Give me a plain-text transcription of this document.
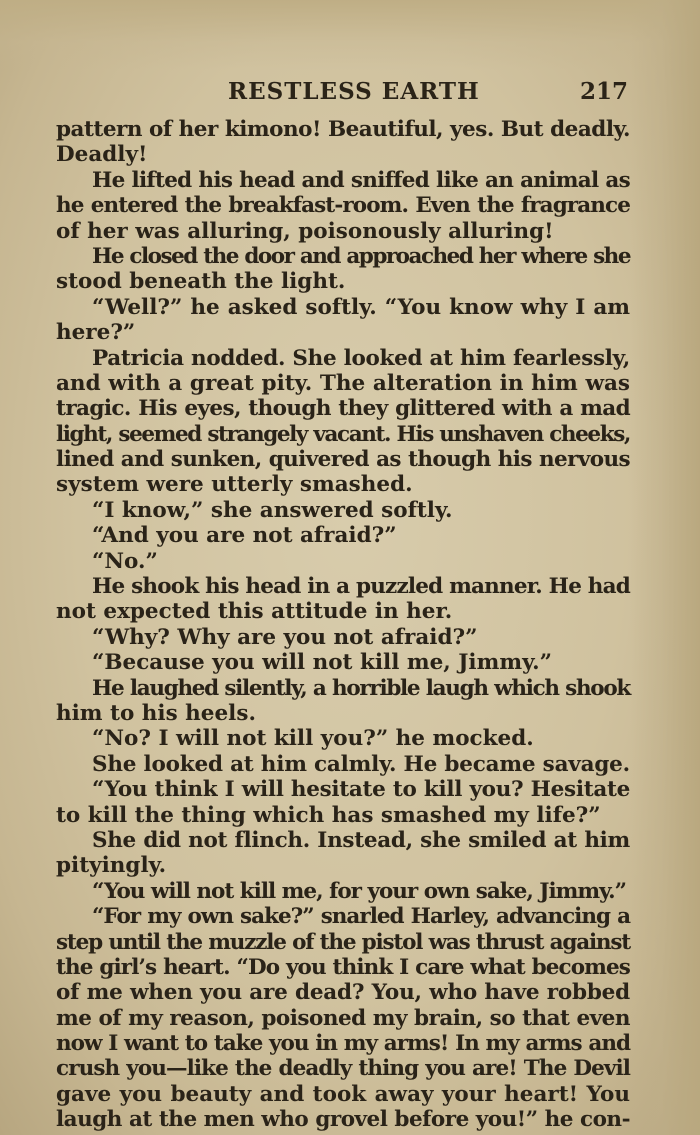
RESTLESS EARTH	217
pattern of her kimono! Beautiful, yes. But deadly.
Deadly!
He lifted his head and sniffed like an animal as
he entered the breakfast-room. Even the fragrance
of her was alluring, poisonously alluring!
He closed the door and approached her where she
stood beneath the light.
“Well?” he asked softly. “You know why I am
here?”
Patricia nodded. She looked at him fearlessly,
and with a great pity. The alteration in him was
tragic. His eyes, though they glittered with a mad
light, seemed strangely vacant. His unshaven cheeks,
lined and sunken, quivered as though his nervous
system were utterly smashed.
“I know,” she answered softly.
“And you are not afraid?”
“No.”
He shook his head in a puzzled manner. He had
not expected this attitude in her.
“Why? Why are you not afraid?”
“Because you will not kill me, Jimmy.”
He laughed silently, a horrible laugh which shook
him to his heels.
“No? I will not kill you?” he mocked.
She looked at him calmly. He became savage.
“You think I will hesitate to kill you? Hesitate
to kill the thing which has smashed my life?”
She did not flinch. Instead, she smiled at him
pityingly.
“You will not kill me, for your own sake, Jimmy.”
“For my own sake?” snarled Harley, advancing a
step until the muzzle of the pistol was thrust against
the girl’s heart. “Do you think I care what becomes
of me when you are dead? You, who have robbed
me of my reason, poisoned my brain, so that even
now I want to take you in my arms! In my arms and
crush you—like the deadly thing you are! The Devil
gave you beauty and took away your heart! You
laugh at the men who grovel before you!” he con-
